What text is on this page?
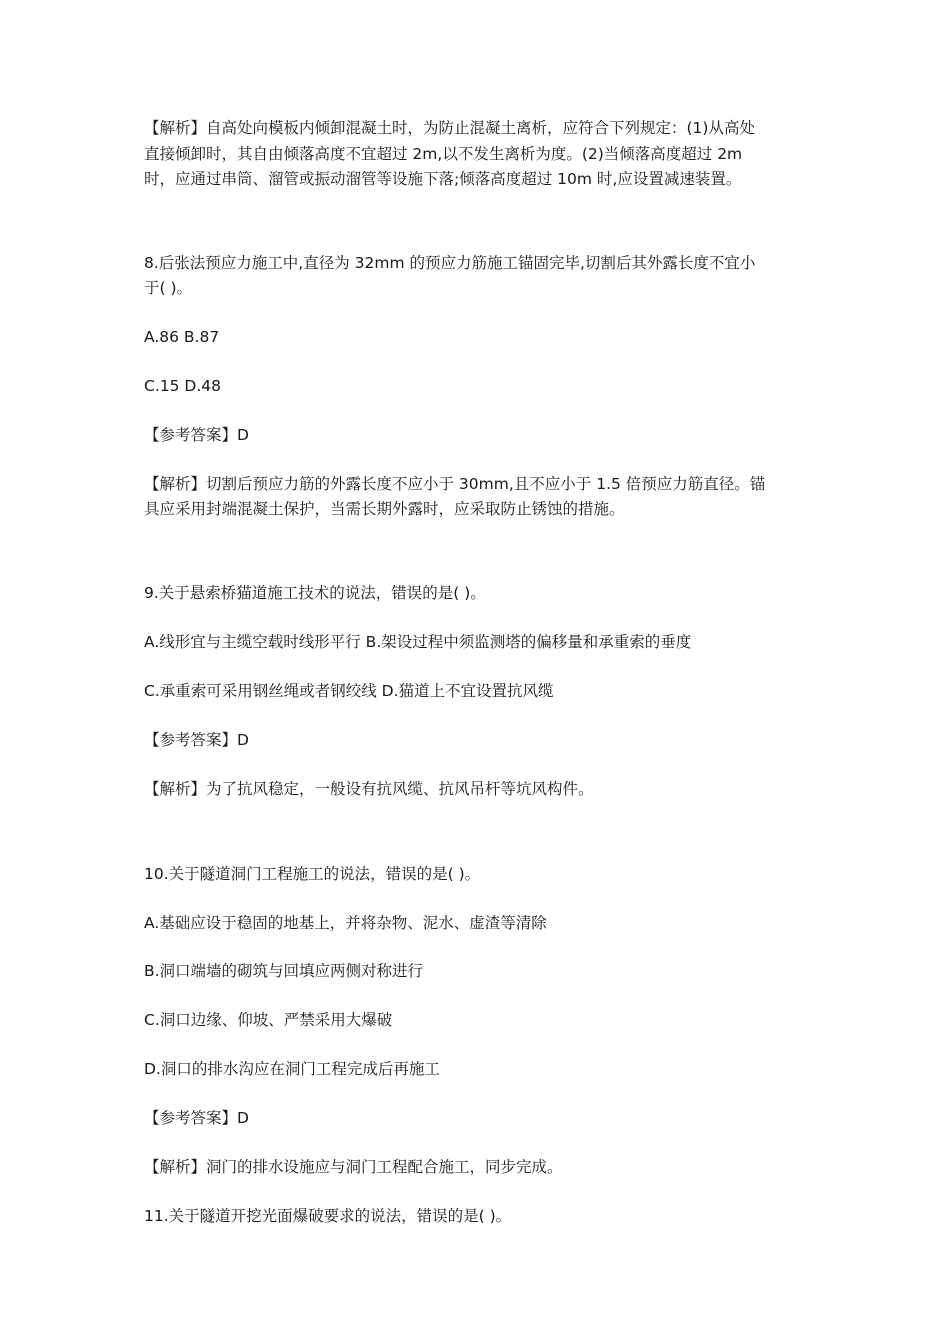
【解析】自高处向模板内倾卸混凝土时，为防止混凝土离析，应符合下列规定：(1)从高处

直接倾卸时，其自由倾落高度不宜超过 2m,以不发生离析为度。(2)当倾落高度超过 2m

时，应通过串筒、溜管或振动溜管等设施下落;倾落高度超过 10m 时,应设置减速装置。

8.后张法预应力施工中,直径为 32mm 的预应力筋施工锚固完毕,切割后其外露长度不宜小

于( )。

A.86 B.87

C.15 D.48

【参考答案】D

【解析】切割后预应力筋的外露长度不应小于 30mm,且不应小于 1.5 倍预应力筋直径。锚

具应采用封端混凝土保护，当需长期外露时，应采取防止锈蚀的措施。

9.关于悬索桥猫道施工技术的说法，错误的是( )。

A.线形宜与主缆空载时线形平行 B.架设过程中须监测塔的偏移量和承重索的垂度

C.承重索可采用钢丝绳或者钢绞线 D.猫道上不宜设置抗风缆

【参考答案】D

【解析】为了抗风稳定，一般设有抗风缆、抗风吊杆等坑风构件。

10.关于隧道洞门工程施工的说法，错误的是( )。

A.基础应设于稳固的地基上，并将杂物、泥水、虚渣等清除

B.洞口端墙的砌筑与回填应两侧对称进行

C.洞口边缘、仰坡、严禁采用大爆破

D.洞口的排水沟应在洞门工程完成后再施工

【参考答案】D

【解析】洞门的排水设施应与洞门工程配合施工，同步完成。

11.关于隧道开挖光面爆破要求的说法，错误的是( )。
